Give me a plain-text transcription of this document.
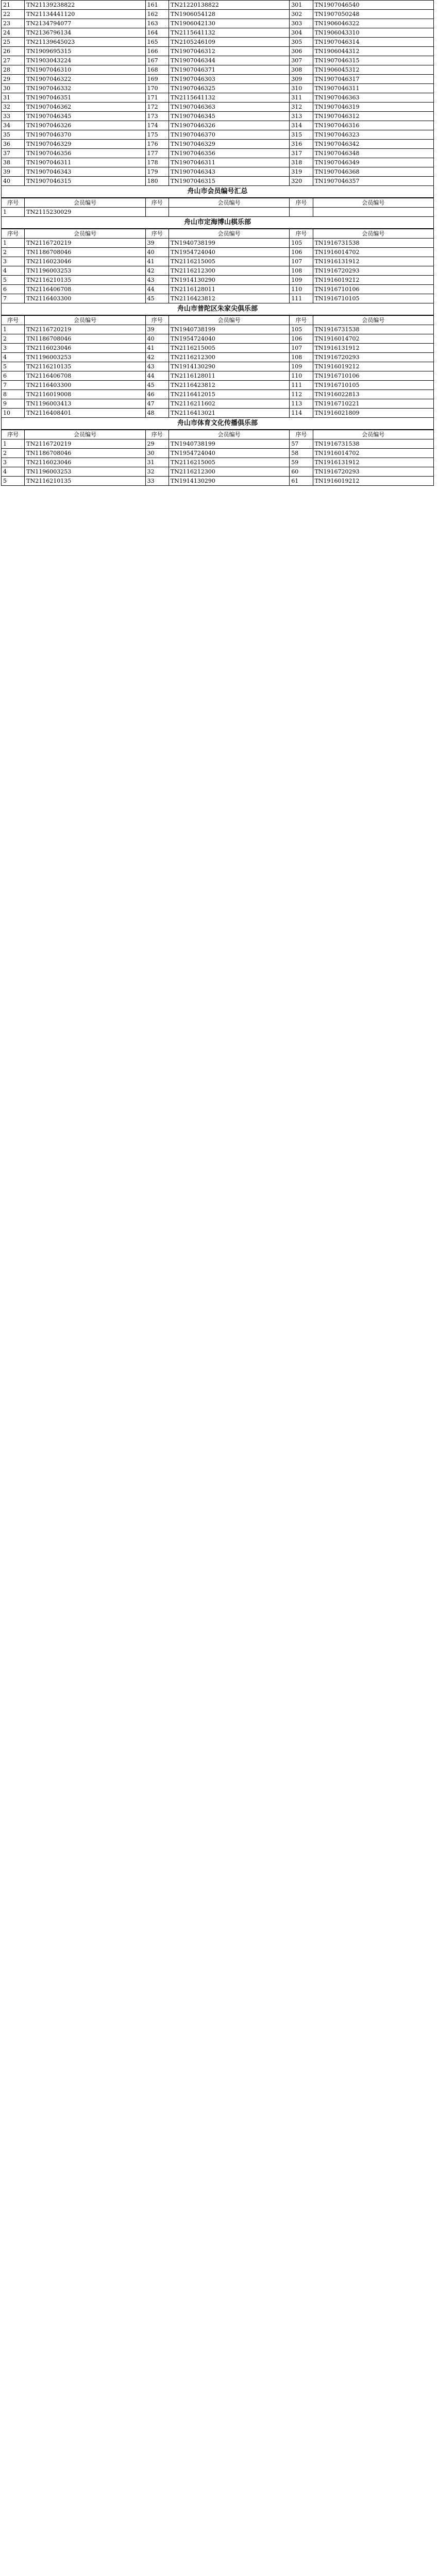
21	TN21139238822	161	TN21220138822	301	TN1907046540
22	TN21134441120	162	TN1906054128	302	TN1907050248
23	TN2134794077	163	TN1906042130	303	TN1906046322
24	TN2136796134	164	TN2115641132	304	TN1906043310
25	TN21139645023	165	TN2105246109	305	TN1907046314
26	TN1909695315	166	TN1907046312	306	TN1906044312
27	TN1903043224	167	TN1907046344	307	TN1907046315
28	TN1907046310	168	TN1907046371	308	TN1906045312
29	TN1907046322	169	TN1907046303	309	TN1907046317
30	TN1907046332	170	TN1907046325	310	TN1907046311
31	TN1907046351	171	TN2115641132	311	TN1907046363
32	TN1907046362	172	TN1907046363	312	TN1907046319
33	TN1907046345	173	TN1907046345	313	TN1907046312
34	TN1907046326	174	TN1907046326	314	TN1907046316
35	TN1907046370	175	TN1907046370	315	TN1907046323
36	TN1907046329	176	TN1907046329	316	TN1907046342
37	TN1907046356	177	TN1907046356	317	TN1907046348
38	TN1907046311	178	TN1907046311	318	TN1907046349
39	TN1907046343	179	TN1907046343	319	TN1907046368
40	TN1907046315	180	TN1907046315	320	TN1907046357
舟山市会员编号汇总
序号	会员编号	序号	会员编号	序号	会员编号
1	TN2115230029				
舟山市定海博山棋乐部
序号	会员编号	序号	会员编号	序号	会员编号
1	TN2116720219	39	TN1940738199	105	TN1916731538
2	TN1186708046	40	TN1954724040	106	TN1916014702
3	TN2116023046	41	TN2116215005	107	TN1916131912
4	TN1196003253	42	TN2116212300	108	TN1916720293
5	TN2116210135	43	TN1914130290	109	TN1916019212
6	TN2116406708	44	TN2116128011	110	TN1916710106
7	TN2116403300	45	TN2116423812	111	TN1916710105
舟山市普陀区朱家尖俱乐部
序号	会员编号	序号	会员编号	序号	会员编号
1	TN2116720219	39	TN1940738199	105	TN1916731538
2	TN1186708046	40	TN1954724040	106	TN1916014702
3	TN2116023046	41	TN2116215005	107	TN1916131912
4	TN1196003253	42	TN2116212300	108	TN1916720293
5	TN2116210135	43	TN1914130290	109	TN1916019212
6	TN2116406708	44	TN2116128011	110	TN1916710106
7	TN2116403300	45	TN2116423812	111	TN1916710105
8	TN2116019008	46	TN2116412015	112	TN1916022813
9	TN1196003413	47	TN2116211602	113	TN1916710221
10	TN2116408401	48	TN2116413021	114	TN1916021809
舟山市体育文化传播俱乐部
序号	会员编号	序号	会员编号	序号	会员编号
1	TN2116720219	29	TN1940738199	57	TN1916731538
2	TN1186708046	30	TN1954724040	58	TN1916014702
3	TN2116023046	31	TN2116215005	59	TN1916131912
4	TN1196003253	32	TN2116212300	60	TN1916720293
5	TN2116210135	33	TN1914130290	61	TN1916019212
